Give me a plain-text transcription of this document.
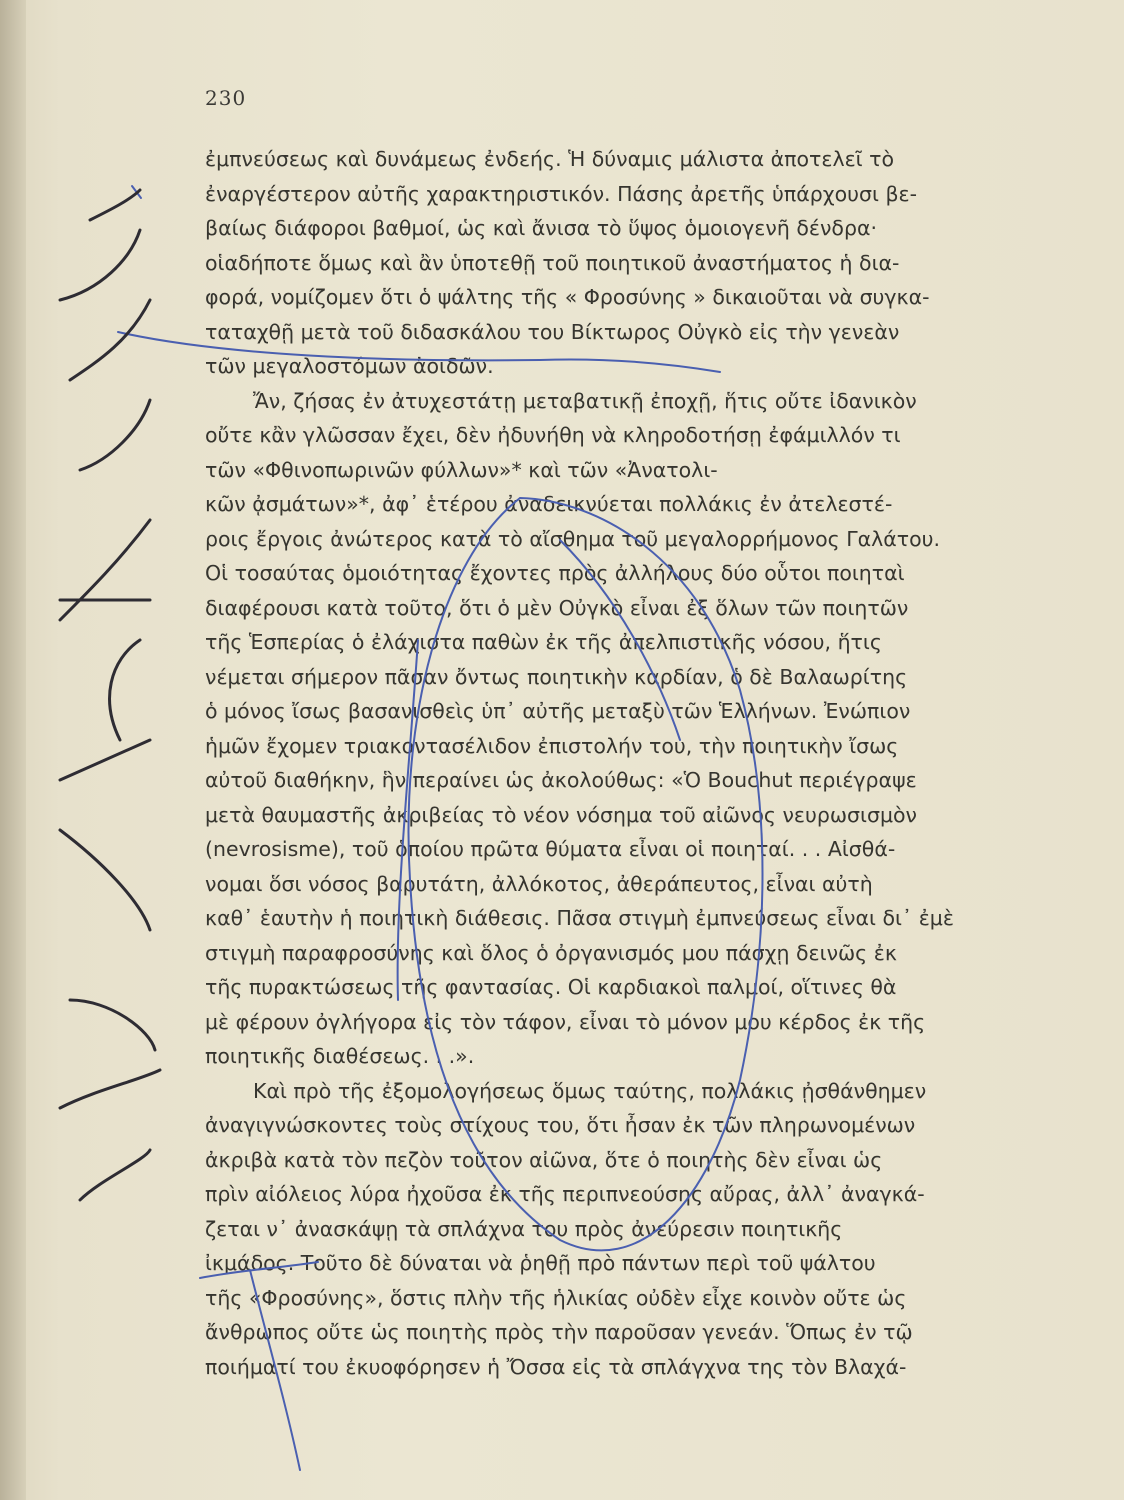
230
ἐμπνεύσεως καὶ δυνάμεως ἐνδεής. Ἡ δύναμις μάλιστα ἀποτελεῖ τὸ
ἐναργέστερον αὐτῆς χαρακτηριστικόν. Πάσης ἀρετῆς ὑπάρχουσι βε-
βαίως διάφοροι βαθμοί, ὡς καὶ ἄνισα τὸ ὕψος ὁμοιογενῆ δένδρα·
οἱαδήποτε ὅμως καὶ ἂν ὑποτεθῇ τοῦ ποιητικοῦ ἀναστήματος ἡ δια-
φορά, νομίζομεν ὅτι ὁ ψάλτης τῆς « Φροσύνης » δικαιοῦται νὰ συγκα-
ταταχθῇ μετὰ τοῦ διδασκάλου του Βίκτωρος Οὐγκὸ εἰς τὴν γενεὰν
τῶν μεγαλοστόμων ἀοιδῶν.
Ἄν, ζήσας ἐν ἀτυχεστάτῃ μεταβατικῇ ἐποχῇ, ἥτις οὔτε ἰδανικὸν
οὔτε κἂν γλῶσσαν ἔχει, δὲν ἠδυνήθη νὰ κληροδοτήσῃ ἐφάμιλλόν τι
τῶν «Φθινοπωρινῶν φύλλων»* καὶ τῶν «Ἀνατολι-
κῶν ᾀσμάτων»*, ἀφ᾽ ἑτέρου ἀναδεικνύεται πολλάκις ἐν ἀτελεστέ-
ροις ἔργοις ἀνώτερος κατὰ τὸ αἴσθημα τοῦ μεγαλορρήμονος Γαλάτου.
Οἱ τοσαύτας ὁμοιότητας ἔχοντες πρὸς ἀλλήλους δύο οὗτοι ποιηταὶ
διαφέρουσι κατὰ τοῦτο, ὅτι ὁ μὲν Οὐγκὸ εἶναι ἐξ ὅλων τῶν ποιητῶν
τῆς Ἑσπερίας ὁ ἐλάχιστα παθὼν ἐκ τῆς ἀπελπιστικῆς νόσου, ἥτις
νέμεται σήμερον πᾶσαν ὄντως ποιητικὴν καρδίαν, ὁ δὲ Βαλαωρίτης
ὁ μόνος ἴσως βασανισθεὶς ὑπ᾽ αὐτῆς μεταξὺ τῶν Ἑλλήνων. Ἐνώπιον
ἡμῶν ἔχομεν τριακοντασέλιδον ἐπιστολήν του, τὴν ποιητικὴν ἴσως
αὐτοῦ διαθήκην, ἣν περαίνει ὡς ἀκολούθως: «Ὁ Bouchut περιέγραψε
μετὰ θαυμαστῆς ἀκριβείας τὸ νέον νόσημα τοῦ αἰῶνος νευρωσισμὸν
(nevrosisme), τοῦ ὁποίου πρῶτα θύματα εἶναι οἱ ποιηταί. . . Αἰσθά-
νομαι ὅσι νόσος βαρυτάτη, ἀλλόκοτος, ἀθεράπευτος, εἶναι αὐτὴ
καθ᾽ ἑαυτὴν ἡ ποιητικὴ διάθεσις. Πᾶσα στιγμὴ ἐμπνεύσεως εἶναι δι᾽ ἐμὲ
στιγμὴ παραφροσύνης καὶ ὅλος ὁ ὀργανισμός μου πάσχῃ δεινῶς ἐκ
τῆς πυρακτώσεως τῆς φαντασίας. Οἱ καρδιακοὶ παλμοί, οἵτινες θὰ
μὲ φέρουν ὀγλήγορα εἰς τὸν τάφον, εἶναι τὸ μόνον μου κέρδος ἐκ τῆς
ποιητικῆς διαθέσεως. . .».
Καὶ πρὸ τῆς ἐξομολογήσεως ὅμως ταύτης, πολλάκις ᾐσθάνθημεν
ἀναγιγνώσκοντες τοὺς στίχους του, ὅτι ἦσαν ἐκ τῶν πληρωνομένων
ἀκριβὰ κατὰ τὸν πεζὸν τοῦτον αἰῶνα, ὅτε ὁ ποιητὴς δὲν εἶναι ὡς
πρὶν αἰόλειος λύρα ἠχοῦσα ἐκ τῆς περιπνεούσης αὔρας, ἀλλ᾽ ἀναγκά-
ζεται ν᾽ ἀνασκάψῃ τὰ σπλάχνα του πρὸς ἀνεύρεσιν ποιητικῆς
ἰκμάδος. Τοῦτο δὲ δύναται νὰ ῥηθῇ πρὸ πάντων περὶ τοῦ ψάλτου
τῆς «Φροσύνης», ὅστις πλὴν τῆς ἡλικίας οὐδὲν εἶχε κοινὸν οὔτε ὡς
ἄνθρωπος οὔτε ὡς ποιητὴς πρὸς τὴν παροῦσαν γενεάν. Ὅπως ἐν τῷ
ποιήματί του ἐκυοφόρησεν ἡ Ὄσσα εἰς τὰ σπλάγχνα της τὸν Βλαχά-
